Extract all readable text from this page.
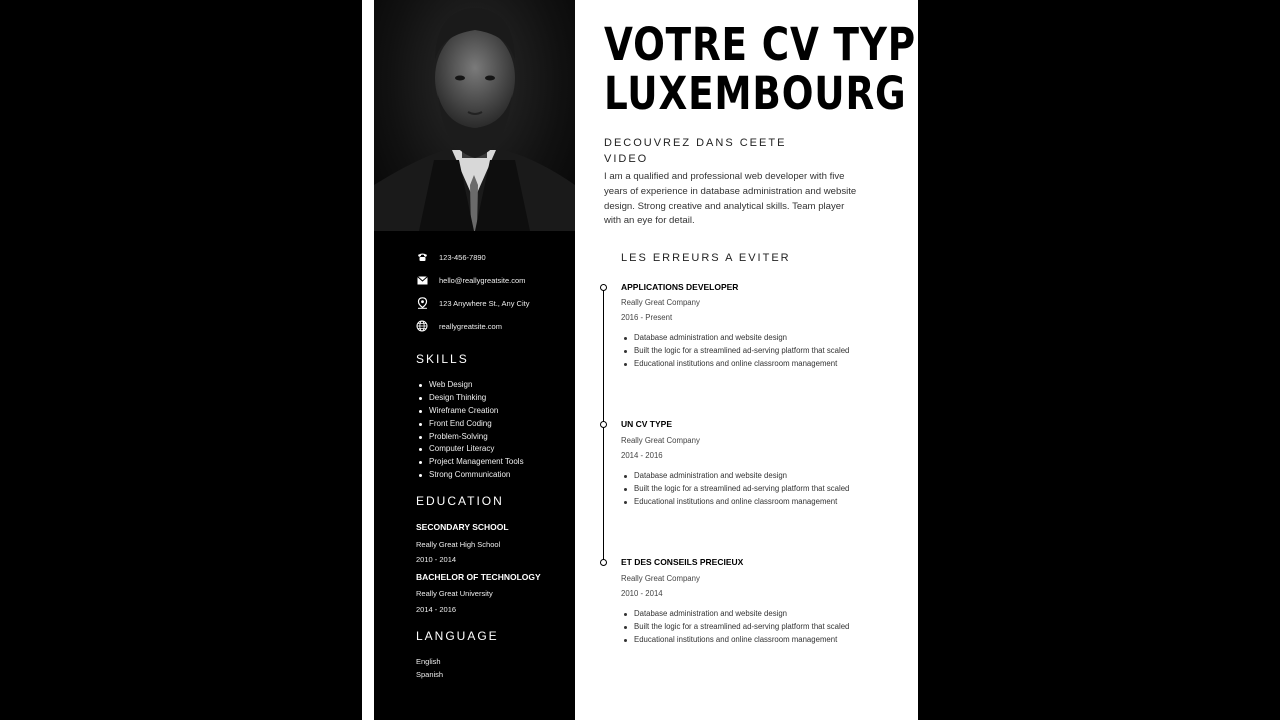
123-456-7890
hello@reallygreatsite.com
123 Anywhere St., Any City
reallygreatsite.com
SKILLS
Web Design
Design Thinking
Wireframe Creation
Front End Coding
Problem-Solving
Computer Literacy
Project Management Tools
Strong Communication
EDUCATION
SECONDARY SCHOOL
Really Great High School
2010 - 2014
BACHELOR OF TECHNOLOGY
Really Great University
2014 - 2016
LANGUAGE
English
Spanish
VOTRE CV TYPE
LUXEMBOURG
DECOUVREZ DANS CEETE VIDEO
I am a qualified and professional web developer with five years of experience in database administration and website design. Strong creative and analytical skills. Team player with an eye for detail.
LES ERREURS A EVITER
APPLICATIONS DEVELOPER
Really Great Company
2016 - Present
Database administration and website design
Built the logic for a streamlined ad-serving platform that scaled
Educational institutions and online classroom management
UN CV TYPE
Really Great Company
2014 - 2016
Database administration and website design
Built the logic for a streamlined ad-serving platform that scaled
Educational institutions and online classroom management
ET DES CONSEILS PRECIEUX
Really Great Company
2010 - 2014
Database administration and website design
Built the logic for a streamlined ad-serving platform that scaled
Educational institutions and online classroom management
